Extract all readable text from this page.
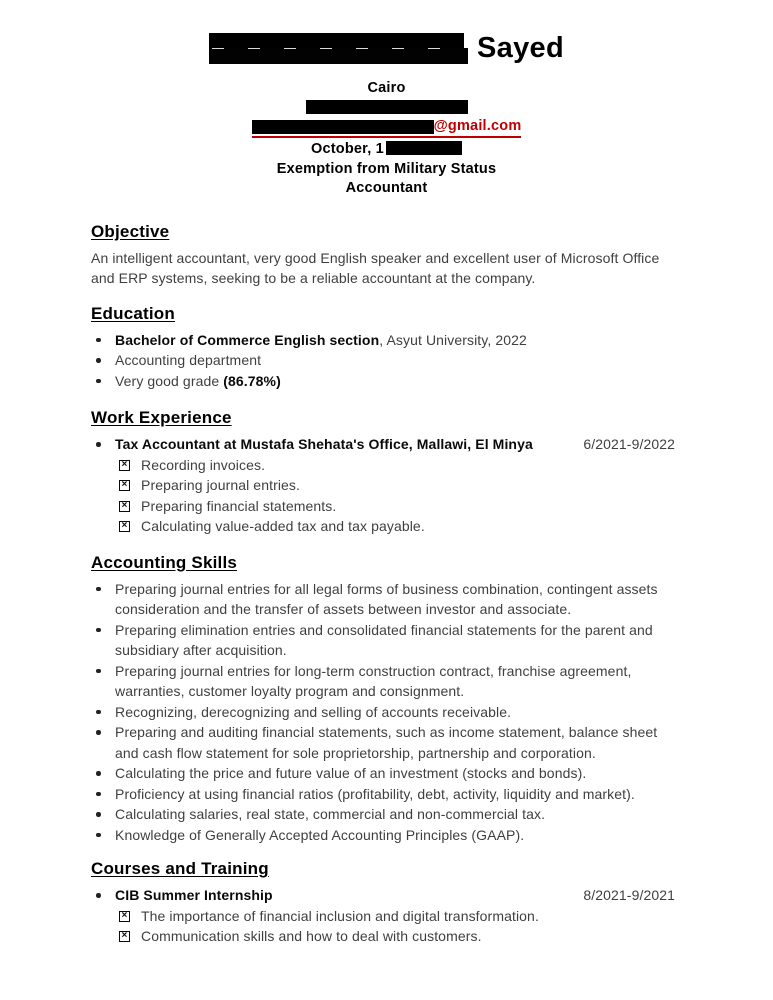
Sayed
Cairo
@gmail.com
October, 1
Exemption from Military Status
Accountant
Objective

An intelligent accountant, very good English speaker and excellent user of Microsoft Office and ERP systems, seeking to be a reliable accountant at the company.

Education
Bachelor of Commerce English section, Asyut University, 2022
Accounting department
Very good grade (86.78%)
Work Experience
Tax Accountant at Mustafa Shehata's Office, Mallawi, El Minya	6/2021-9/2022
×
Recording invoices.
×
Preparing journal entries.
×
Preparing financial statements.
×
Calculating value-added tax and tax payable.
Accounting Skills
Preparing journal entries for all legal forms of business combination, contingent assets consideration and the transfer of assets between investor and associate.
Preparing elimination entries and consolidated financial statements for the parent and subsidiary after acquisition.
Preparing journal entries for long-term construction contract, franchise agreement, warranties, customer loyalty program and consignment.
Recognizing, derecognizing and selling of accounts receivable.
Preparing and auditing financial statements, such as income statement, balance sheet and cash flow statement for sole proprietorship, partnership and corporation.
Calculating the price and future value of an investment (stocks and bonds).
Proficiency at using financial ratios (profitability, debt, activity, liquidity and market).
Calculating salaries, real state, commercial and non-commercial tax.
Knowledge of Generally Accepted Accounting Principles (GAAP).
Courses and Training
CIB Summer Internship	8/2021-9/2021
×
The importance of financial inclusion and digital transformation.
×
Communication skills and how to deal with customers.
